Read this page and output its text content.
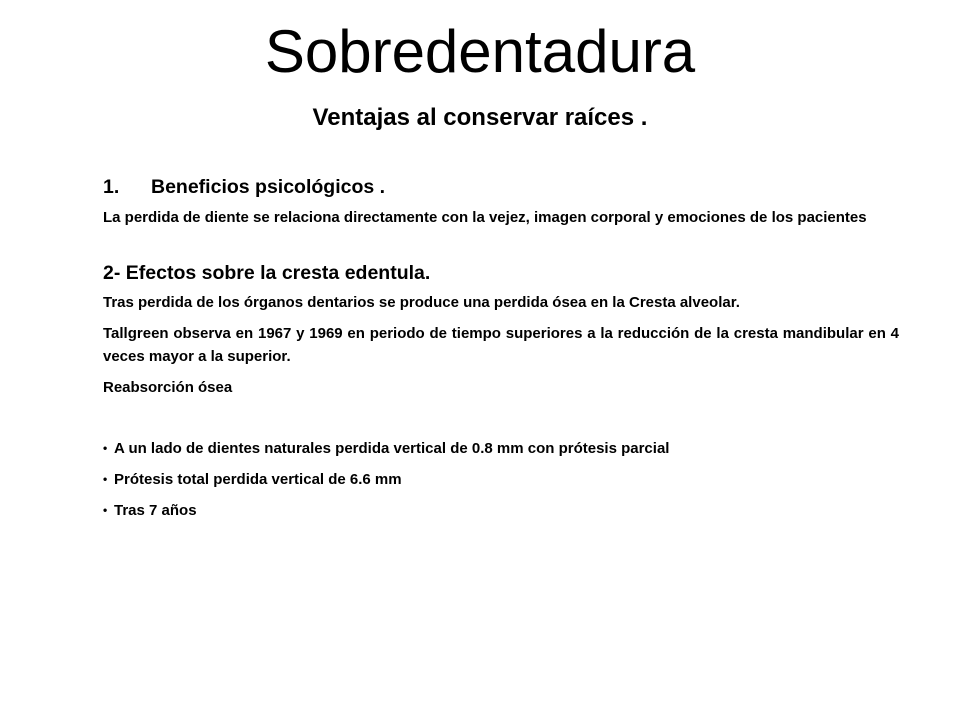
Sobredentadura
Ventajas al conservar raíces .
1.	Beneficios psicológicos .

La perdida de diente se relaciona directamente con la vejez, imagen corporal y emociones de los pacientes

2- Efectos sobre la cresta edentula.

Tras perdida de los órganos dentarios se produce una perdida ósea en la Cresta alveolar.

Tallgreen observa en 1967 y 1969 en periodo de tiempo superiores a la reducción de la cresta mandibular en 4 veces mayor a la superior.

Reabsorción ósea

• A un lado de dientes naturales perdida vertical de 0.8 mm con prótesis parcial
• Prótesis total perdida vertical de 6.6 mm
• Tras 7 años
